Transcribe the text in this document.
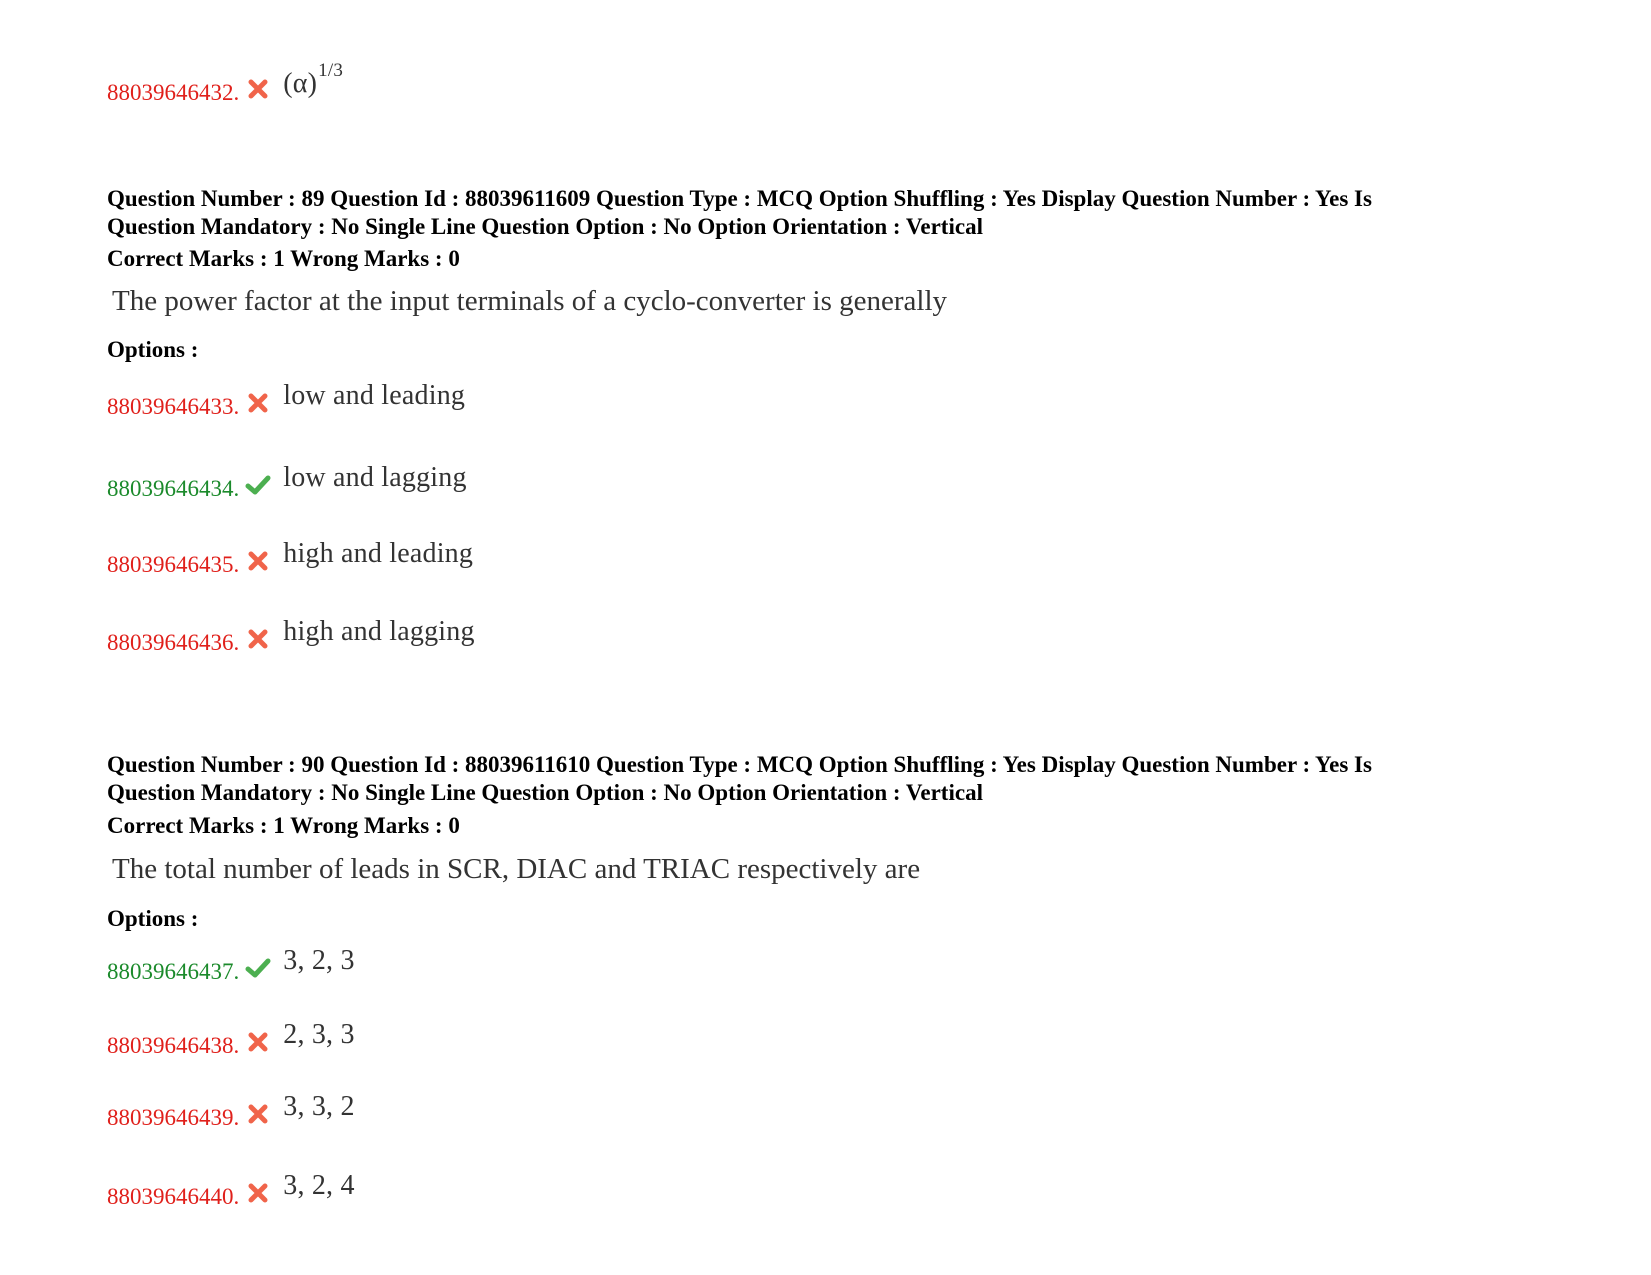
88039646432. $(\alpha)^{1/3}$
Question Number : 89 Question Id : 88039611609 Question Type : MCQ Option Shuffling : Yes Display Question Number : Yes Is
Question Mandatory : No Single Line Question Option : No Option Orientation : Vertical
Correct Marks : 1 Wrong Marks : 0
The power factor at the input terminals of a cyclo-converter is generally
Options :
88039646433. low and leading
88039646434. low and lagging
88039646435. high and leading
88039646436. high and lagging
Question Number : 90 Question Id : 88039611610 Question Type : MCQ Option Shuffling : Yes Display Question Number : Yes Is
Question Mandatory : No Single Line Question Option : No Option Orientation : Vertical
Correct Marks : 1 Wrong Marks : 0
The total number of leads in SCR, DIAC and TRIAC respectively are
Options :
88039646437. 3, 2, 3
88039646438. 2, 3, 3
88039646439. 3, 3, 2
88039646440. 3, 2, 4
